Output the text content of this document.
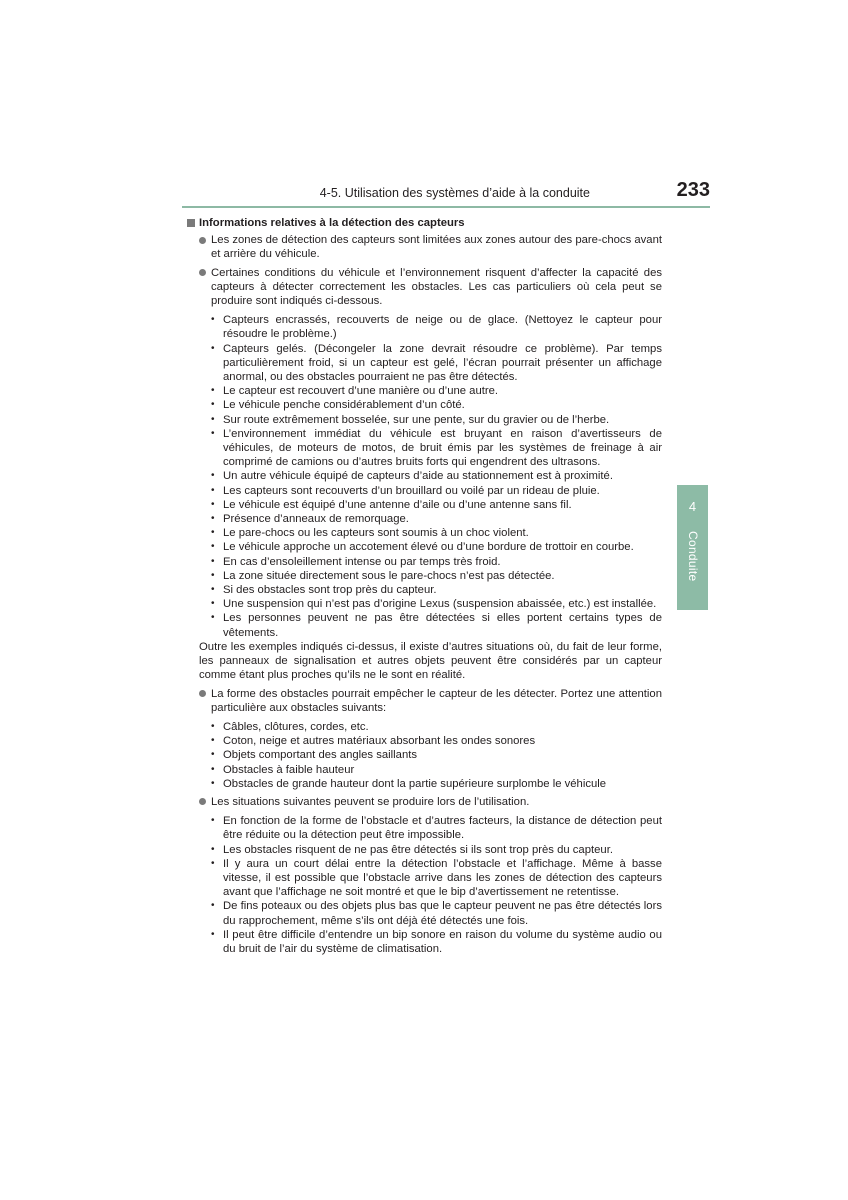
4-5. Utilisation des systèmes d’aide à la conduite	233
4
Conduite
Informations relatives à la détection des capteurs
Les zones de détection des capteurs sont limitées aux zones autour des pare-chocs avant et arrière du véhicule.
Certaines conditions du véhicule et l’environnement risquent d’affecter la capacité des capteurs à détecter correctement les obstacles. Les cas particuliers où cela peut se produire sont indiqués ci-dessous.
• Capteurs encrassés, recouverts de neige ou de glace. (Nettoyez le capteur pour résoudre le problème.)
• Capteurs gelés. (Décongeler la zone devrait résoudre ce problème). Par temps particulièrement froid, si un capteur est gelé, l’écran pourrait présenter un affichage anormal, ou des obstacles pourraient ne pas être détectés.
• Le capteur est recouvert d’une manière ou d’une autre.
• Le véhicule penche considérablement d’un côté.
• Sur route extrêmement bosselée, sur une pente, sur du gravier ou de l’herbe.
• L’environnement immédiat du véhicule est bruyant en raison d’avertisseurs de véhicules, de moteurs de motos, de bruit émis par les systèmes de freinage à air comprimé de camions ou d’autres bruits forts qui engendrent des ultrasons.
• Un autre véhicule équipé de capteurs d’aide au stationnement est à proximité.
• Les capteurs sont recouverts d’un brouillard ou voilé par un rideau de pluie.
• Le véhicule est équipé d’une antenne d’aile ou d’une antenne sans fil.
• Présence d’anneaux de remorquage.
• Le pare-chocs ou les capteurs sont soumis à un choc violent.
• Le véhicule approche un accotement élevé ou d’une bordure de trottoir en courbe.
• En cas d’ensoleillement intense ou par temps très froid.
• La zone située directement sous le pare-chocs n’est pas détectée.
• Si des obstacles sont trop près du capteur.
• Une suspension qui n’est pas d’origine Lexus (suspension abaissée, etc.) est installée.
• Les personnes peuvent ne pas être détectées si elles portent certains types de vêtements.
Outre les exemples indiqués ci-dessus, il existe d’autres situations où, du fait de leur forme, les panneaux de signalisation et autres objets peuvent être considérés par un capteur comme étant plus proches qu’ils ne le sont en réalité.
La forme des obstacles pourrait empêcher le capteur de les détecter. Portez une attention particulière aux obstacles suivants:
• Câbles, clôtures, cordes, etc.
• Coton, neige et autres matériaux absorbant les ondes sonores
• Objets comportant des angles saillants
• Obstacles à faible hauteur
• Obstacles de grande hauteur dont la partie supérieure surplombe le véhicule
Les situations suivantes peuvent se produire lors de l’utilisation.
• En fonction de la forme de l’obstacle et d’autres facteurs, la distance de détection peut être réduite ou la détection peut être impossible.
• Les obstacles risquent de ne pas être détectés si ils sont trop près du capteur.
• Il y aura un court délai entre la détection l’obstacle et l’affichage. Même à basse vitesse, il est possible que l’obstacle arrive dans les zones de détection des capteurs avant que l’affichage ne soit montré et que le bip d’avertissement ne retentisse.
• De fins poteaux ou des objets plus bas que le capteur peuvent ne pas être détectés lors du rapprochement, même s’ils ont déjà été détectés une fois.
• Il peut être difficile d’entendre un bip sonore en raison du volume du système audio ou du bruit de l’air du système de climatisation.
